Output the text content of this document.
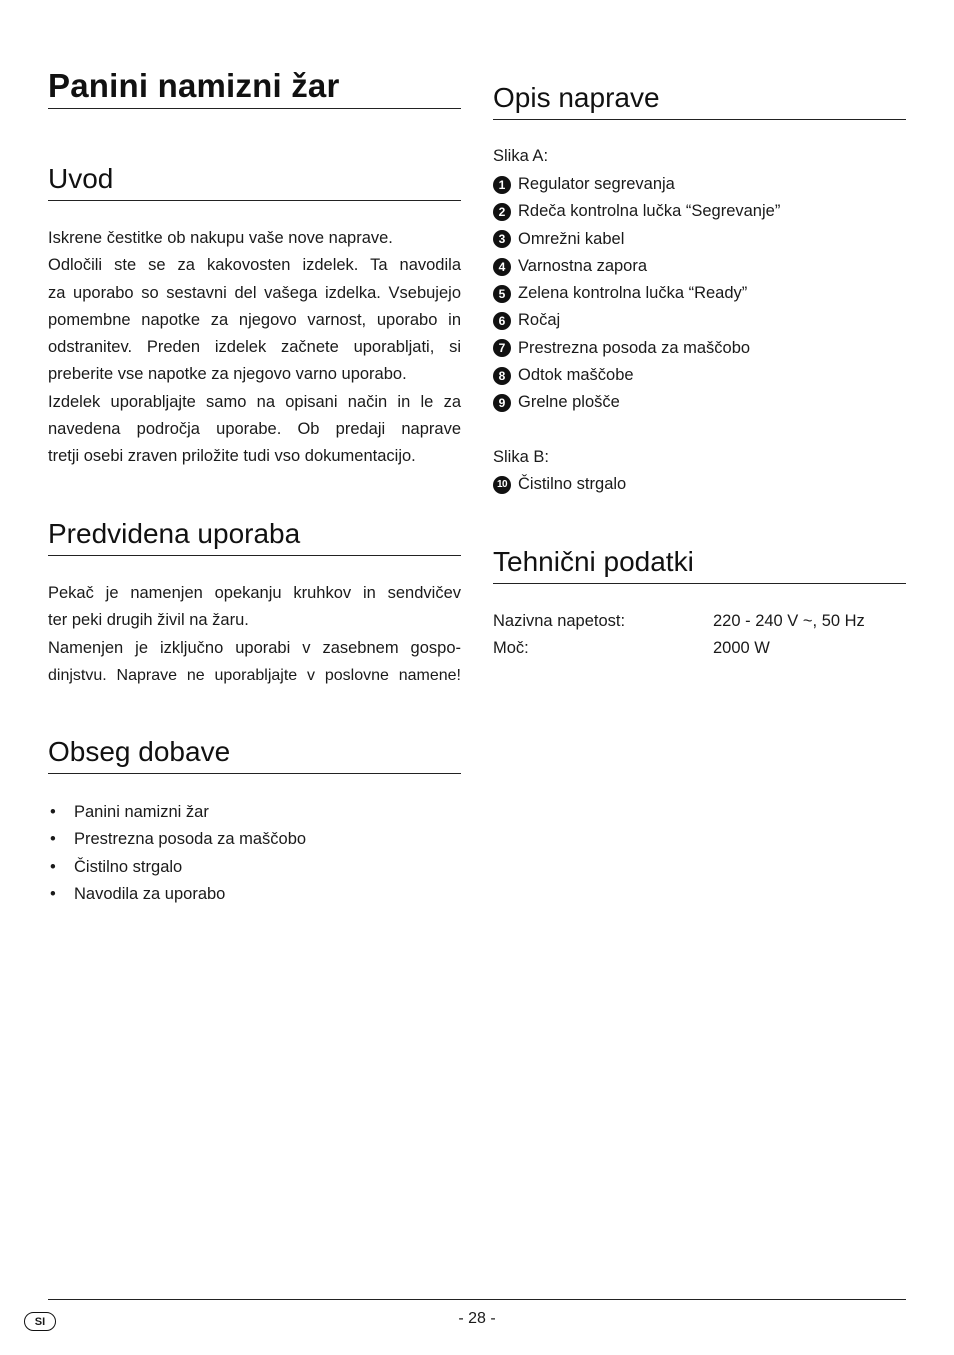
Panini namizni žar
Uvod
Iskrene čestitke ob nakupu vaše nove naprave.
Odločili ste se za kakovosten izdelek. Ta navodila
za uporabo so sestavni del vašega izdelka. Vsebujejo
pomembne napotke za njegovo varnost, uporabo in
odstranitev. Preden izdelek začnete uporabljati, si
preberite vse napotke za njegovo varno uporabo.
Izdelek uporabljajte samo na opisani način in le za
navedena področja uporabe. Ob predaji naprave
tretji osebi zraven priložite tudi vso dokumentacijo.
Predvidena uporaba
Pekač je namenjen opekanju kruhkov in sendvičev
ter peki drugih živil na žaru.
Namenjen je izključno uporabi v zasebnem gospo-
dinjstvu. Naprave ne uporabljajte v poslovne namene!
Obseg dobave
• Panini namizni žar
• Prestrezna posoda za maščobo
• Čistilno strgalo
• Navodila za uporabo
Opis naprave
Slika A:
1 Regulator segrevanja
2 Rdeča kontrolna lučka “Segrevanje”
3 Omrežni kabel
4 Varnostna zapora
5 Zelena kontrolna lučka “Ready”
6 Ročaj
7 Prestrezna posoda za maščobo
8 Odtok maščobe
9 Grelne plošče
Slika B:
10 Čistilno strgalo
Tehnični podatki
Nazivna napetost:	220 - 240 V ~, 50 Hz
Moč:	2000 W
SI	- 28 -
